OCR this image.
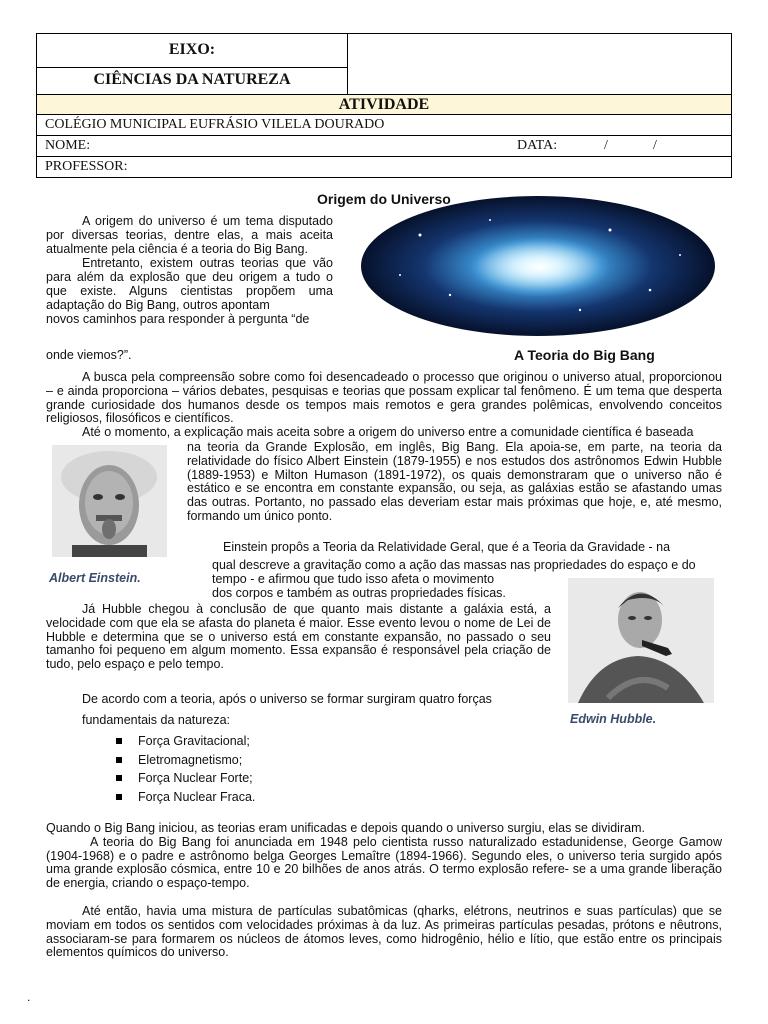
EIXO:
CIÊNCIAS DA NATUREZA
ATIVIDADE
COLÉGIO MUNICIPAL EUFRÁSIO VILELA DOURADO
NOME:	DATA:	/	/
PROFESSOR:
Origem do Universo

A origem do universo é um tema disputado por diversas teorias, dentre elas, a mais aceita atualmente pela ciência é a teoria do Big Bang.

Entretanto, existem outras teorias que vão para além da explosão que deu origem a tudo o que existe. Alguns cientistas propõem uma adaptação do Big Bang, outros apontam

novos caminhos para responder à pergunta “de

onde viemos?”.	A Teoria do Big Bang

A busca pela compreensão sobre como foi desencadeado o processo que originou o universo atual, proporcionou – e ainda proporciona – vários debates, pesquisas e teorias que possam explicar tal fenômeno. É um tema que desperta grande curiosidade dos humanos desde os tempos mais remotos e gera grandes polêmicas, envolvendo conceitos religiosos, filosóficos e científicos.

Até o momento, a explicação mais aceita sobre a origem do universo entre a comunidade científica é baseada

na teoria da Grande Explosão, em inglês, Big Bang. Ela apoia-se, em parte, na teoria da relatividade do físico Albert Einstein (1879-1955) e nos estudos dos astrônomos Edwin Hubble (1889-1953) e Milton Humason (1891-1972), os quais demonstraram que o universo não é estático e se encontra em constante expansão, ou seja, as galáxias estão se afastando umas das outras. Portanto, no passado elas deveriam estar mais próximas que hoje, e, até mesmo, formando um único ponto.

Einstein propôs a Teoria da Relatividade Geral, que é a Teoria da Gravidade - na
qual descreve a gravitação como a ação das massas nas propriedades do espaço e do
tempo - e afirmou que tudo isso afeta o movimento
dos corpos e também as outras propriedades físicas.
Albert Einstein.

Já Hubble chegou à conclusão de que quanto mais distante a galáxia está, a velocidade com que ela se afasta do planeta é maior. Esse evento levou o nome de Lei de Hubble e determina que se o universo está em constante expansão, no passado o seu tamanho foi pequeno em algum momento. Essa expansão é responsável pela criação de tudo, pelo espaço e pelo tempo.

De acordo com a teoria, após o universo se formar surgiram quatro forças
fundamentais da natureza:	Edwin Hubble.
Força Gravitacional;
Eletromagnetismo;
Força Nuclear Forte;
Força Nuclear Fraca.

Quando o Big Bang iniciou, as teorias eram unificadas e depois quando o universo surgiu, elas se dividiram.

A teoria do Big Bang foi anunciada em 1948 pelo cientista russo naturalizado estadunidense, George Gamow (1904-1968) e o padre e astrônomo belga Georges Lemaître (1894-1966). Segundo eles, o universo teria surgido após uma grande explosão cósmica, entre 10 e 20 bilhões de anos atrás. O termo explosão refere- se a uma grande liberação de energia, criando o espaço-tempo.

Até então, havia uma mistura de partículas subatômicas (qharks, elétrons, neutrinos e suas partículas) que se moviam em todos os sentidos com velocidades próximas à da luz. As primeiras partículas pesadas, prótons e nêutrons, associaram-se para formarem os núcleos de átomos leves, como hidrogênio, hélio e lítio, que estão entre os principais elementos químicos do universo.

.
